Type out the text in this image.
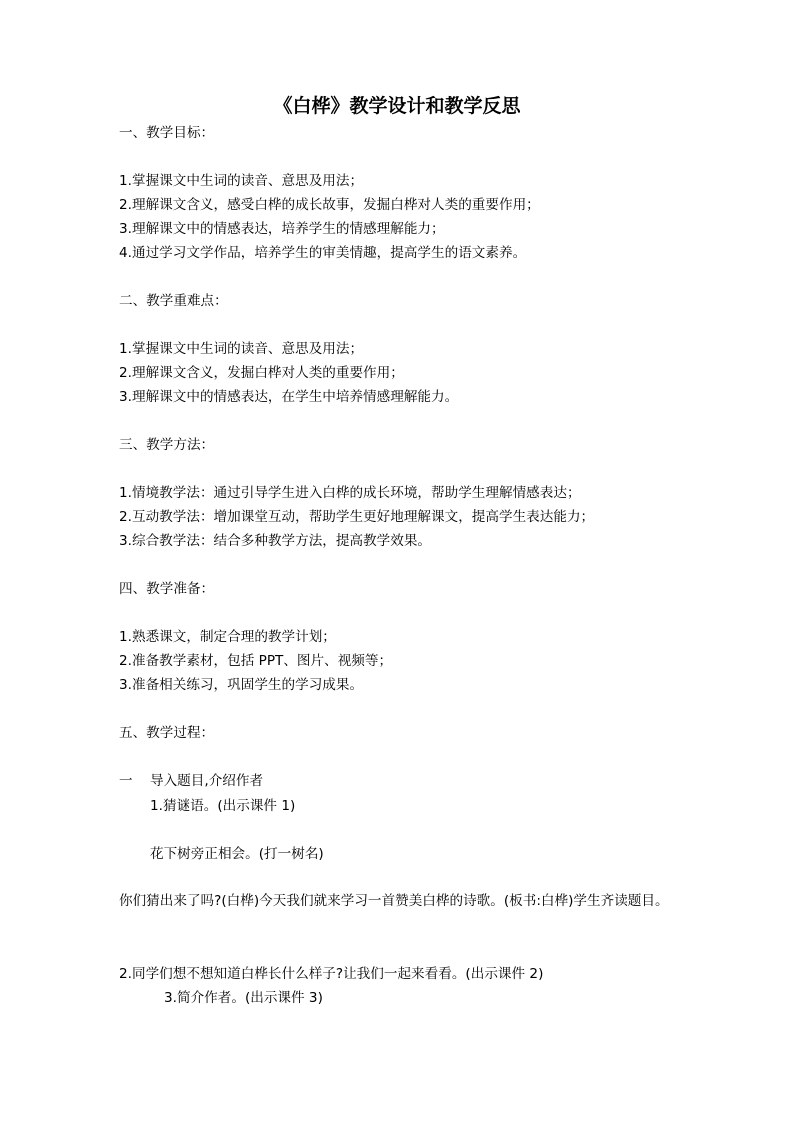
《白桦》教学设计和教学反思
一、教学目标：
1.掌握课文中生词的读音、意思及用法；
2.理解课文含义，感受白桦的成长故事，发掘白桦对人类的重要作用；
3.理解课文中的情感表达，培养学生的情感理解能力；
4.通过学习文学作品，培养学生的审美情趣，提高学生的语文素养。
二、教学重难点：
1.掌握课文中生词的读音、意思及用法；
2.理解课文含义，发掘白桦对人类的重要作用；
3.理解课文中的情感表达，在学生中培养情感理解能力。
三、教学方法：
1.情境教学法：通过引导学生进入白桦的成长环境，帮助学生理解情感表达；
2.互动教学法：增加课堂互动，帮助学生更好地理解课文，提高学生表达能力；
3.综合教学法：结合多种教学方法，提高教学效果。
四、教学准备：
1.熟悉课文，制定合理的教学计划；
2.准备教学素材，包括 PPT、图片、视频等；
3.准备相关练习，巩固学生的学习成果。
五、教学过程：
一 导入题目,介绍作者
1.猜谜语。(出示课件 1)
花下树旁正相会。(打一树名)
你们猜出来了吗?(白桦)今天我们就来学习一首赞美白桦的诗歌。(板书:白桦)学生齐读题目。
2.同学们想不想知道白桦长什么样子?让我们一起来看看。(出示课件 2)
3.简介作者。(出示课件 3)
